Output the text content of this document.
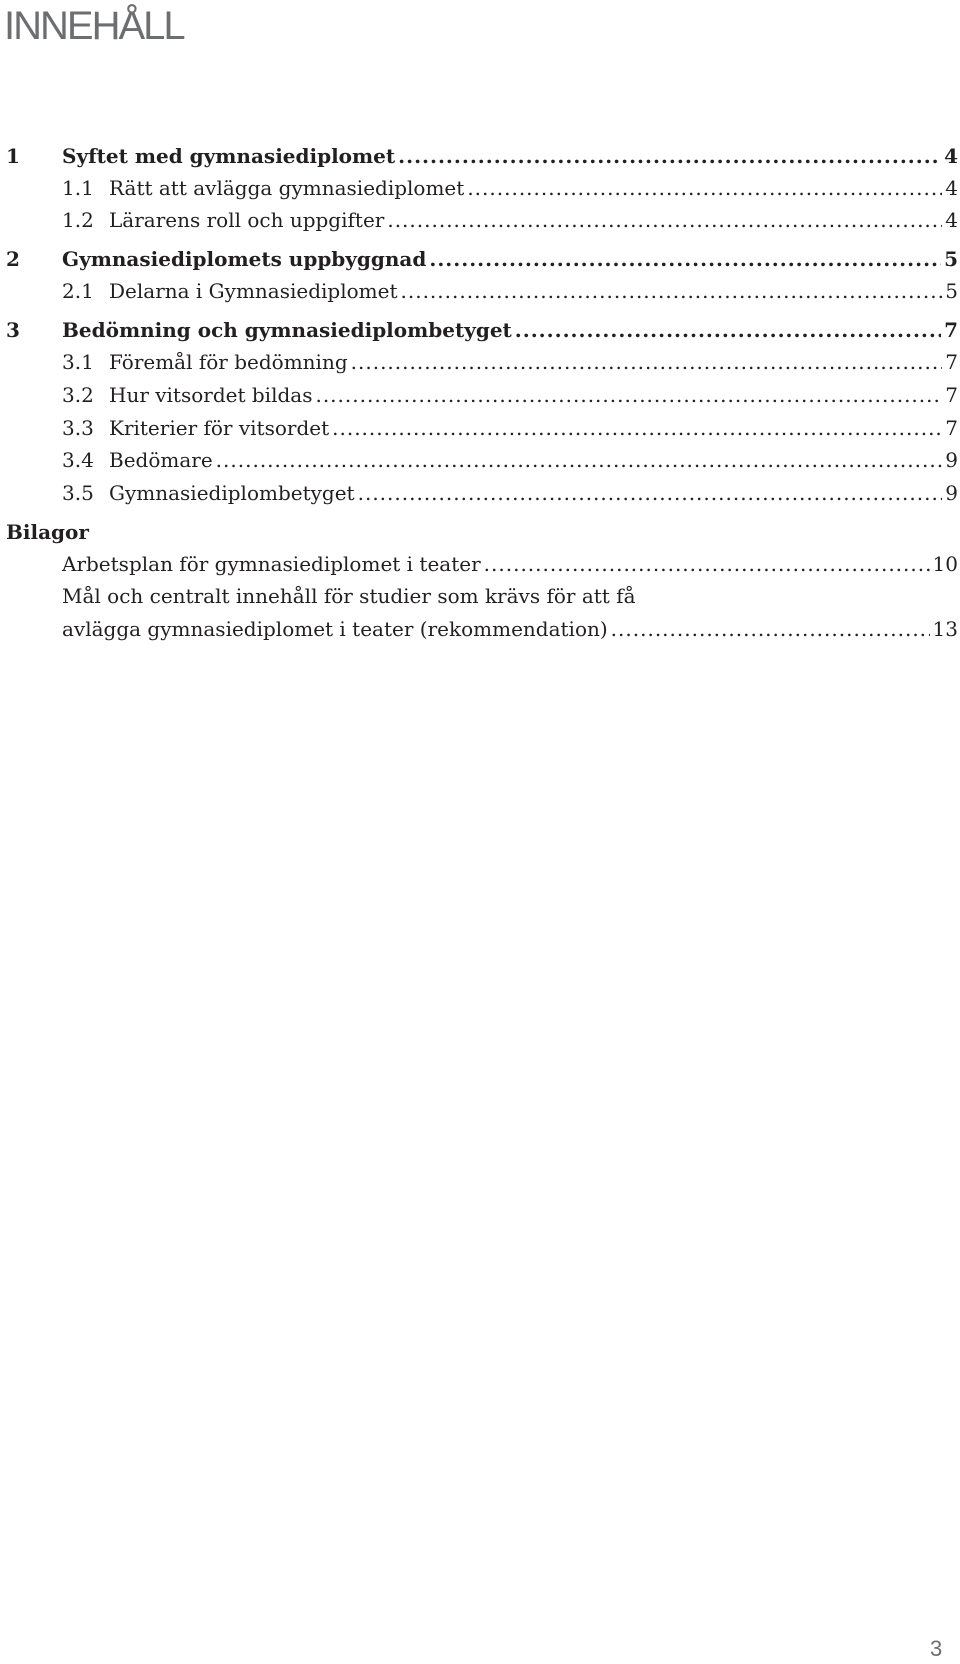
INNEHÅLL
1	Syftet med gymnasiediplomet .....	4
1.1 Rätt att avlägga gymnasiediplomet .....	4
1.2 Lärarens roll och uppgifter .....	4
2	Gymnasiediplomets uppbyggnad .....	5
2.1 Delarna i Gymnasiediplomet .....	5
3	Bedömning och gymnasiediplombetyget .....	7
3.1 Föremål för bedömning .....	7
3.2 Hur vitsordet bildas .....	7
3.3 Kriterier för vitsordet .....	7
3.4 Bedömare .....	9
3.5 Gymnasiediplombetyget .....	9
Bilagor
Arbetsplan för gymnasiediplomet i teater .....	10
Mål och centralt innehåll för studier som krävs för att få
avlägga gymnasiediplomet i teater (rekommendation) .....	13
3
